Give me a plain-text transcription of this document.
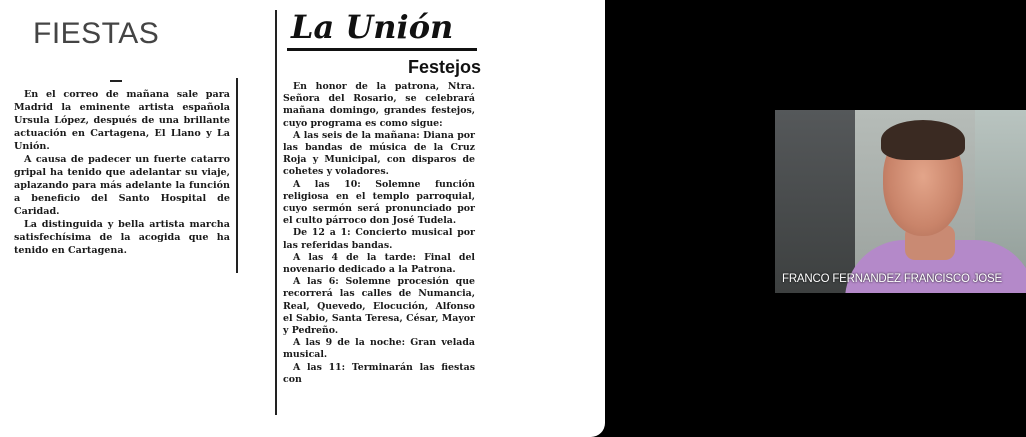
FIESTAS

En el correo de mañana sale para Madrid la eminente artista española Ursula López, después de una brillante actuación en Cartagena, El Llano y La Unión.

A causa de padecer un fuerte catarro gripal ha tenido que adelantar su viaje, aplazando para más adelante la función a beneficio del Santo Hospital de Caridad.

La distinguida y bella artista marcha satisfechísima de la acogida que ha tenido en Cartagena.

La Unión
Festejos

En honor de la patrona, Ntra. Señora del Rosario, se celebrará mañana domingo, grandes festejos, cuyo programa es como sigue:

A las seis de la mañana: Diana por las bandas de música de la Cruz Roja y Municipal, con disparos de cohetes y voladores.

A las 10: Solemne función religiosa en el templo parroquial, cuyo sermón será pronunciado por el culto párroco don José Tudela.

De 12 a 1: Concierto musical por las referidas bandas.

A las 4 de la tarde: Final del novenario dedicado a la Patrona.

A las 6: Solemne procesión que recorrerá las calles de Numancia, Real, Quevedo, Elocución, Alfonso el Sabio, Santa Teresa, César, Mayor y Pedreño.

A las 9 de la noche: Gran velada musical.

A las 11: Terminarán las fiestas con

FRANCO FERNANDEZ FRANCISCO JOSE
